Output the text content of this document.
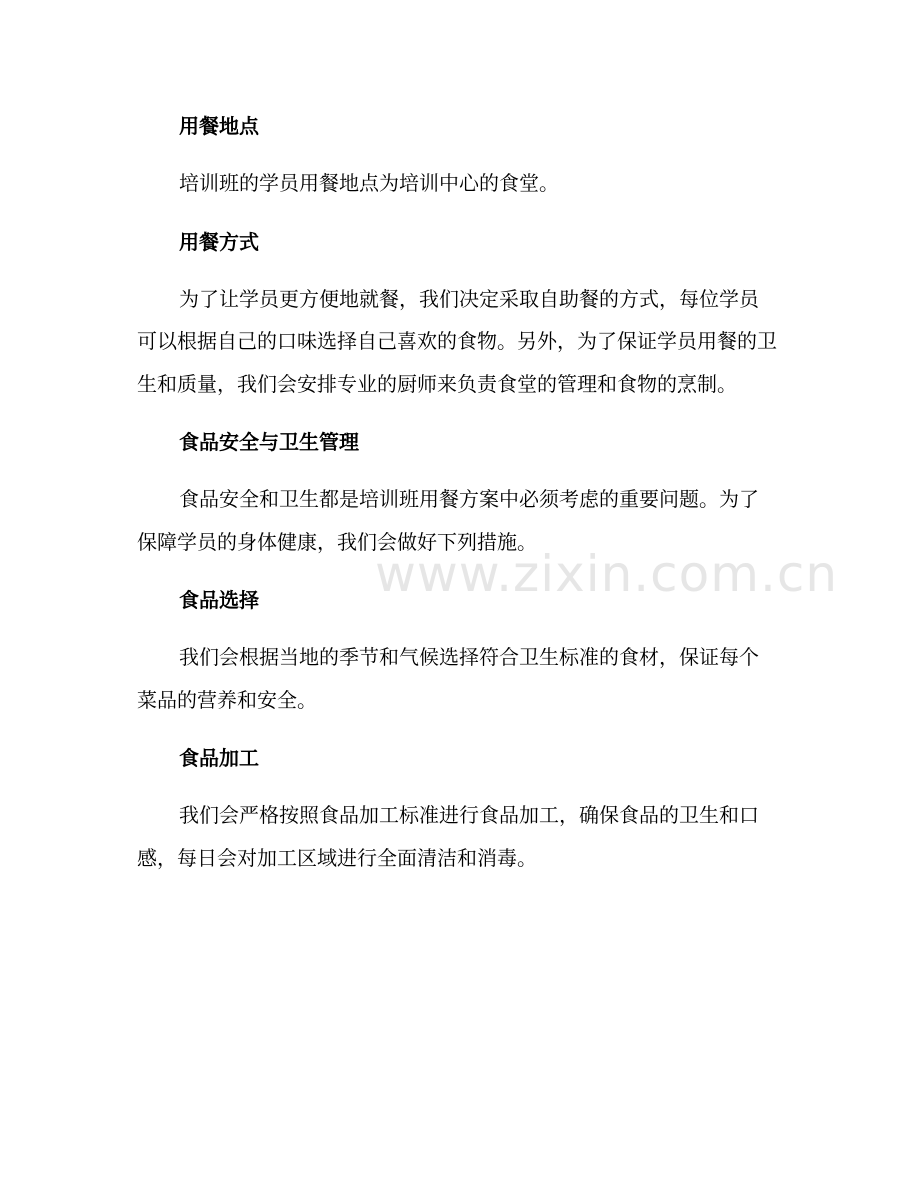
www.zixin.com.cn
用餐地点

培训班的学员用餐地点为培训中心的食堂。

用餐方式

为了让学员更方便地就餐，我们决定采取自助餐的方式，每位学员可以根据自己的口味选择自己喜欢的食物。另外，为了保证学员用餐的卫生和质量，我们会安排专业的厨师来负责食堂的管理和食物的烹制。

食品安全与卫生管理

食品安全和卫生都是培训班用餐方案中必须考虑的重要问题。为了保障学员的身体健康，我们会做好下列措施。

食品选择

我们会根据当地的季节和气候选择符合卫生标准的食材，保证每个菜品的营养和安全。

食品加工

我们会严格按照食品加工标准进行食品加工，确保食品的卫生和口感，每日会对加工区域进行全面清洁和消毒。
